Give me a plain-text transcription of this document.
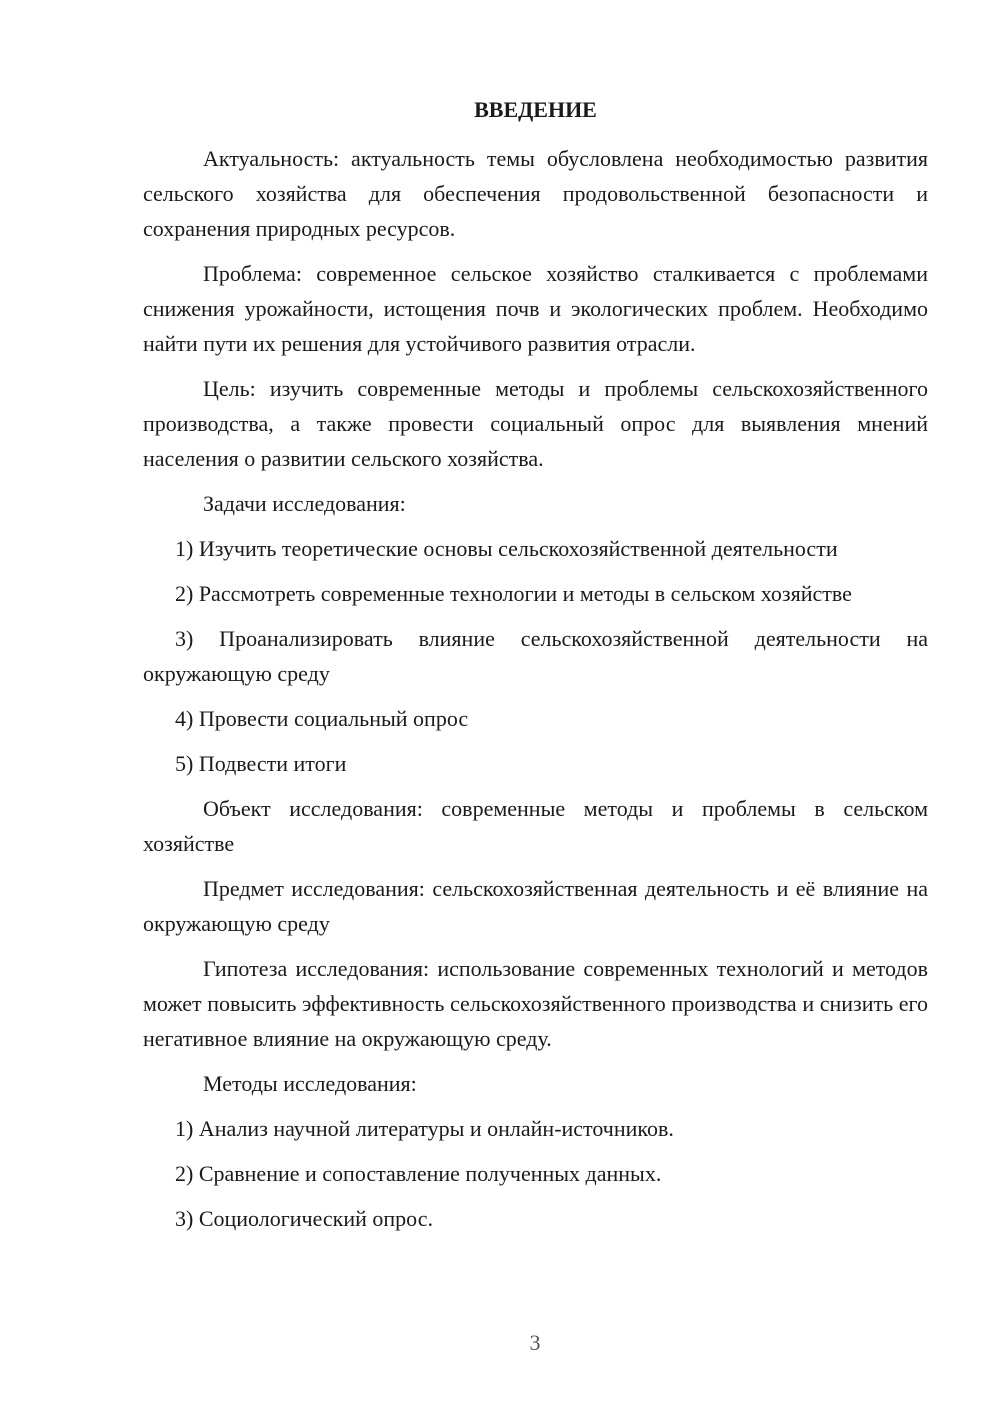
ВВЕДЕНИЕ

Актуальность: актуальность темы обусловлена необходимостью развития сельского хозяйства для обеспечения продовольственной безопасности и сохранения природных ресурсов.

Проблема: современное сельское хозяйство сталкивается с проблемами снижения урожайности, истощения почв и экологических проблем. Необходимо найти пути их решения для устойчивого развития отрасли.

Цель: изучить современные методы и проблемы сельскохозяйственного производства, а также провести социальный опрос для выявления мнений населения о развитии сельского хозяйства.

Задачи исследования:

1) Изучить теоретические основы сельскохозяйственной деятельности

2) Рассмотреть современные технологии и методы в сельском хозяйстве

3) Проанализировать влияние сельскохозяйственной деятельности на окружающую среду

4) Провести социальный опрос

5) Подвести итоги

Объект исследования: современные методы и проблемы в сельском хозяйстве

Предмет исследования: сельскохозяйственная деятельность и её влияние на окружающую среду

Гипотеза исследования: использование современных технологий и методов может повысить эффективность сельскохозяйственного производства и снизить его негативное влияние на окружающую среду.

Методы исследования:

1) Анализ научной литературы и онлайн-источников.

2) Сравнение и сопоставление полученных данных.

3) Социологический опрос.

3
